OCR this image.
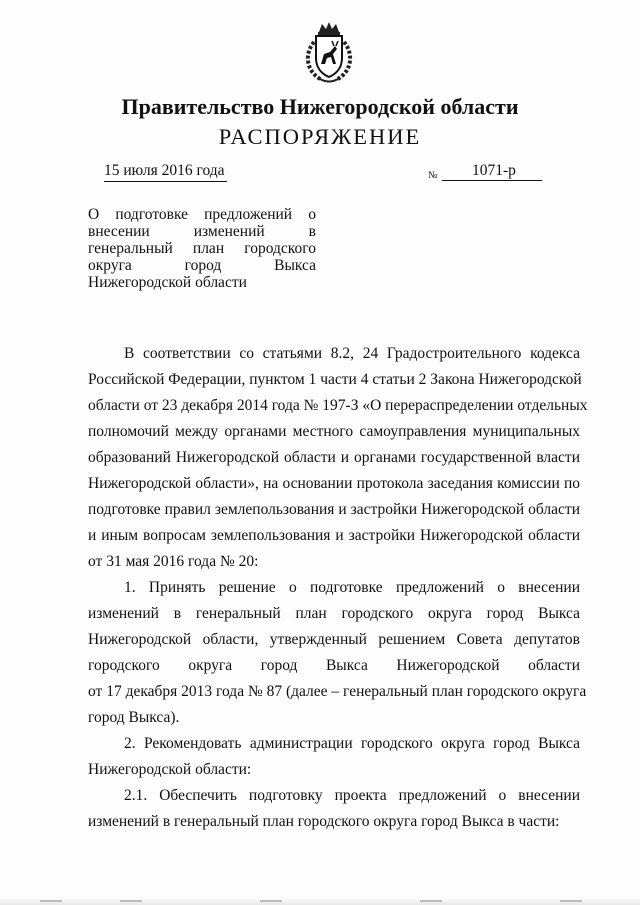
Правительство Нижегородской области
РАСПОРЯЖЕНИЕ
15 июля 2016 года	№	1071-р
О подготовке предложений о
внесении изменений в
генеральный план городского
округа город Выкса
Нижегородской области
В соответствии со статьями 8.2, 24 Градостроительного кодекса
Российской Федерации, пунктом 1 части 4 статьи 2 Закона Нижегородской
области от 23 декабря 2014 года № 197-З «О перераспределении отдельных
полномочий между органами местного самоуправления муниципальных
образований Нижегородской области и органами государственной власти
Нижегородской области», на основании протокола заседания комиссии по
подготовке правил землепользования и застройки Нижегородской области
и иным вопросам землепользования и застройки Нижегородской области
от 31 мая 2016 года № 20:
1. Принять решение о подготовке предложений о внесении
изменений в генеральный план городского округа город Выкса
Нижегородской области, утвержденный решением Совета депутатов
городского округа город Выкса Нижегородской области
от 17 декабря 2013 года № 87 (далее – генеральный план городского округа
город Выкса).
2. Рекомендовать администрации городского округа город Выкса
Нижегородской области:
2.1. Обеспечить подготовку проекта предложений о внесении
изменений в генеральный план городского округа город Выкса в части:
